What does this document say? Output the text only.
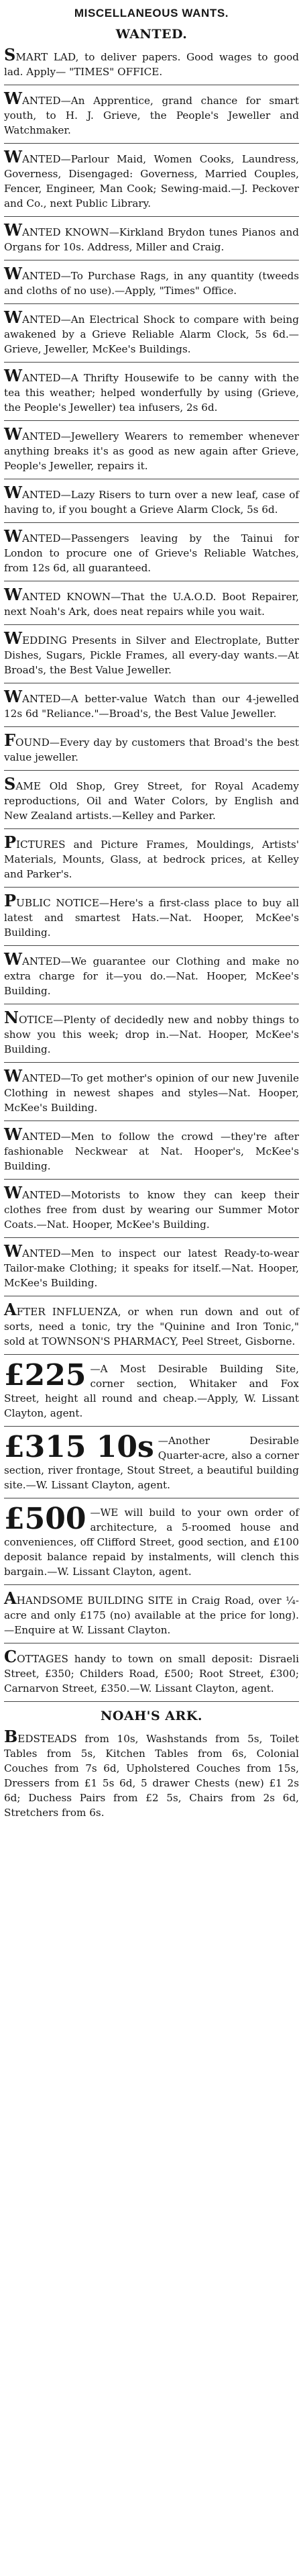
MISCELLANEOUS WANTS.
WANTED.
SMART LAD, to deliver papers. Good wages to good lad. Apply— "TIMES" OFFICE.
WANTED—An Apprentice, grand chance for smart youth, to H. J. Grieve, the People's Jeweller and Watchmaker.
WANTED—Parlour Maid, Women Cooks, Laundress, Governess, Disengaged: Governess, Married Couples, Fencer, Engineer, Man Cook; Sewing-maid.—J. Peckover and Co., next Public Library.
WANTED KNOWN—Kirkland Brydon tunes Pianos and Organs for 10s. Address, Miller and Craig.
WANTED—To Purchase Rags, in any quantity (tweeds and cloths of no use).—Apply, "Times" Office.
WANTED—An Electrical Shock to compare with being awakened by a Grieve Reliable Alarm Clock, 5s 6d.—Grieve, Jeweller, McKee's Buildings.
WANTED—A Thrifty Housewife to be canny with the tea this weather; helped wonderfully by using (Grieve, the People's Jeweller) tea infusers, 2s 6d.
WANTED—Jewellery Wearers to remember whenever anything breaks it's as good as new again after Grieve, People's Jeweller, repairs it.
WANTED—Lazy Risers to turn over a new leaf, case of having to, if you bought a Grieve Alarm Clock, 5s 6d.
WANTED—Passengers leaving by the Tainui for London to procure one of Grieve's Reliable Watches, from 12s 6d, all guaranteed.
WANTED KNOWN—That the U.A.O.D. Boot Repairer, next Noah's Ark, does neat repairs while you wait.
WEDDING Presents in Silver and Electroplate, Butter Dishes, Sugars, Pickle Frames, all every-day wants.—At Broad's, the Best Value Jeweller.
WANTED—A better-value Watch than our 4-jewelled 12s 6d "Reliance."—Broad's, the Best Value Jeweller.
FOUND—Every day by customers that Broad's the best value jeweller.
SAME Old Shop, Grey Street, for Royal Academy reproductions, Oil and Water Colors, by English and New Zealand artists.—Kelley and Parker.
PICTURES and Picture Frames, Mouldings, Artists' Materials, Mounts, Glass, at bedrock prices, at Kelley and Parker's.
PUBLIC NOTICE—Here's a first-class place to buy all latest and smartest Hats.—Nat. Hooper, McKee's Building.
WANTED—We guarantee our Clothing and make no extra charge for it—you do.—Nat. Hooper, McKee's Building.
NOTICE—Plenty of decidedly new and nobby things to show you this week; drop in.—Nat. Hooper, McKee's Building.
WANTED—To get mother's opinion of our new Juvenile Clothing in newest shapes and styles—Nat. Hooper, McKee's Building.
WANTED—Men to follow the crowd —they're after fashionable Neckwear at Nat. Hooper's, McKee's Building.
WANTED—Motorists to know they can keep their clothes free from dust by wearing our Summer Motor Coats.—Nat. Hooper, McKee's Building.
WANTED—Men to inspect our latest Ready-to-wear Tailor-make Clothing; it speaks for itself.—Nat. Hooper, McKee's Building.
AFTER INFLUENZA, or when run down and out of sorts, need a tonic, try the "Quinine and Iron Tonic," sold at TOWNSON'S PHARMACY, Peel Street, Gisborne.
£225 —A Most Desirable Building Site, corner section, Whitaker and Fox Street, height all round and cheap.—Apply, W. Lissant Clayton, agent.
£315 10s —Another Desirable Quarter-acre, also a corner section, river frontage, Stout Street, a beautiful building site.—W. Lissant Clayton, agent.
£500 —WE will build to your own order of architecture, a 5-roomed house and conveniences, off Clifford Street, good section, and £100 deposit balance repaid by instalments, will clench this bargain.—W. Lissant Clayton, agent.
AHANDSOME BUILDING SITE in Craig Road, over ¼-acre and only £175 (no) available at the price for long).—Enquire at W. Lissant Clayton.
COTTAGES handy to town on small deposit: Disraeli Street, £350; Childers Road, £500; Root Street, £300; Carnarvon Street, £350.—W. Lissant Clayton, agent.
NOAH'S ARK.
BEDSTEADS from 10s, Washstands from 5s, Toilet Tables from 5s, Kitchen Tables from 6s, Colonial Couches from 7s 6d, Upholstered Couches from 15s, Dressers from £1 5s 6d, 5 drawer Chests (new) £1 2s 6d; Duchess Pairs from £2 5s, Chairs from 2s 6d, Stretchers from 6s.
